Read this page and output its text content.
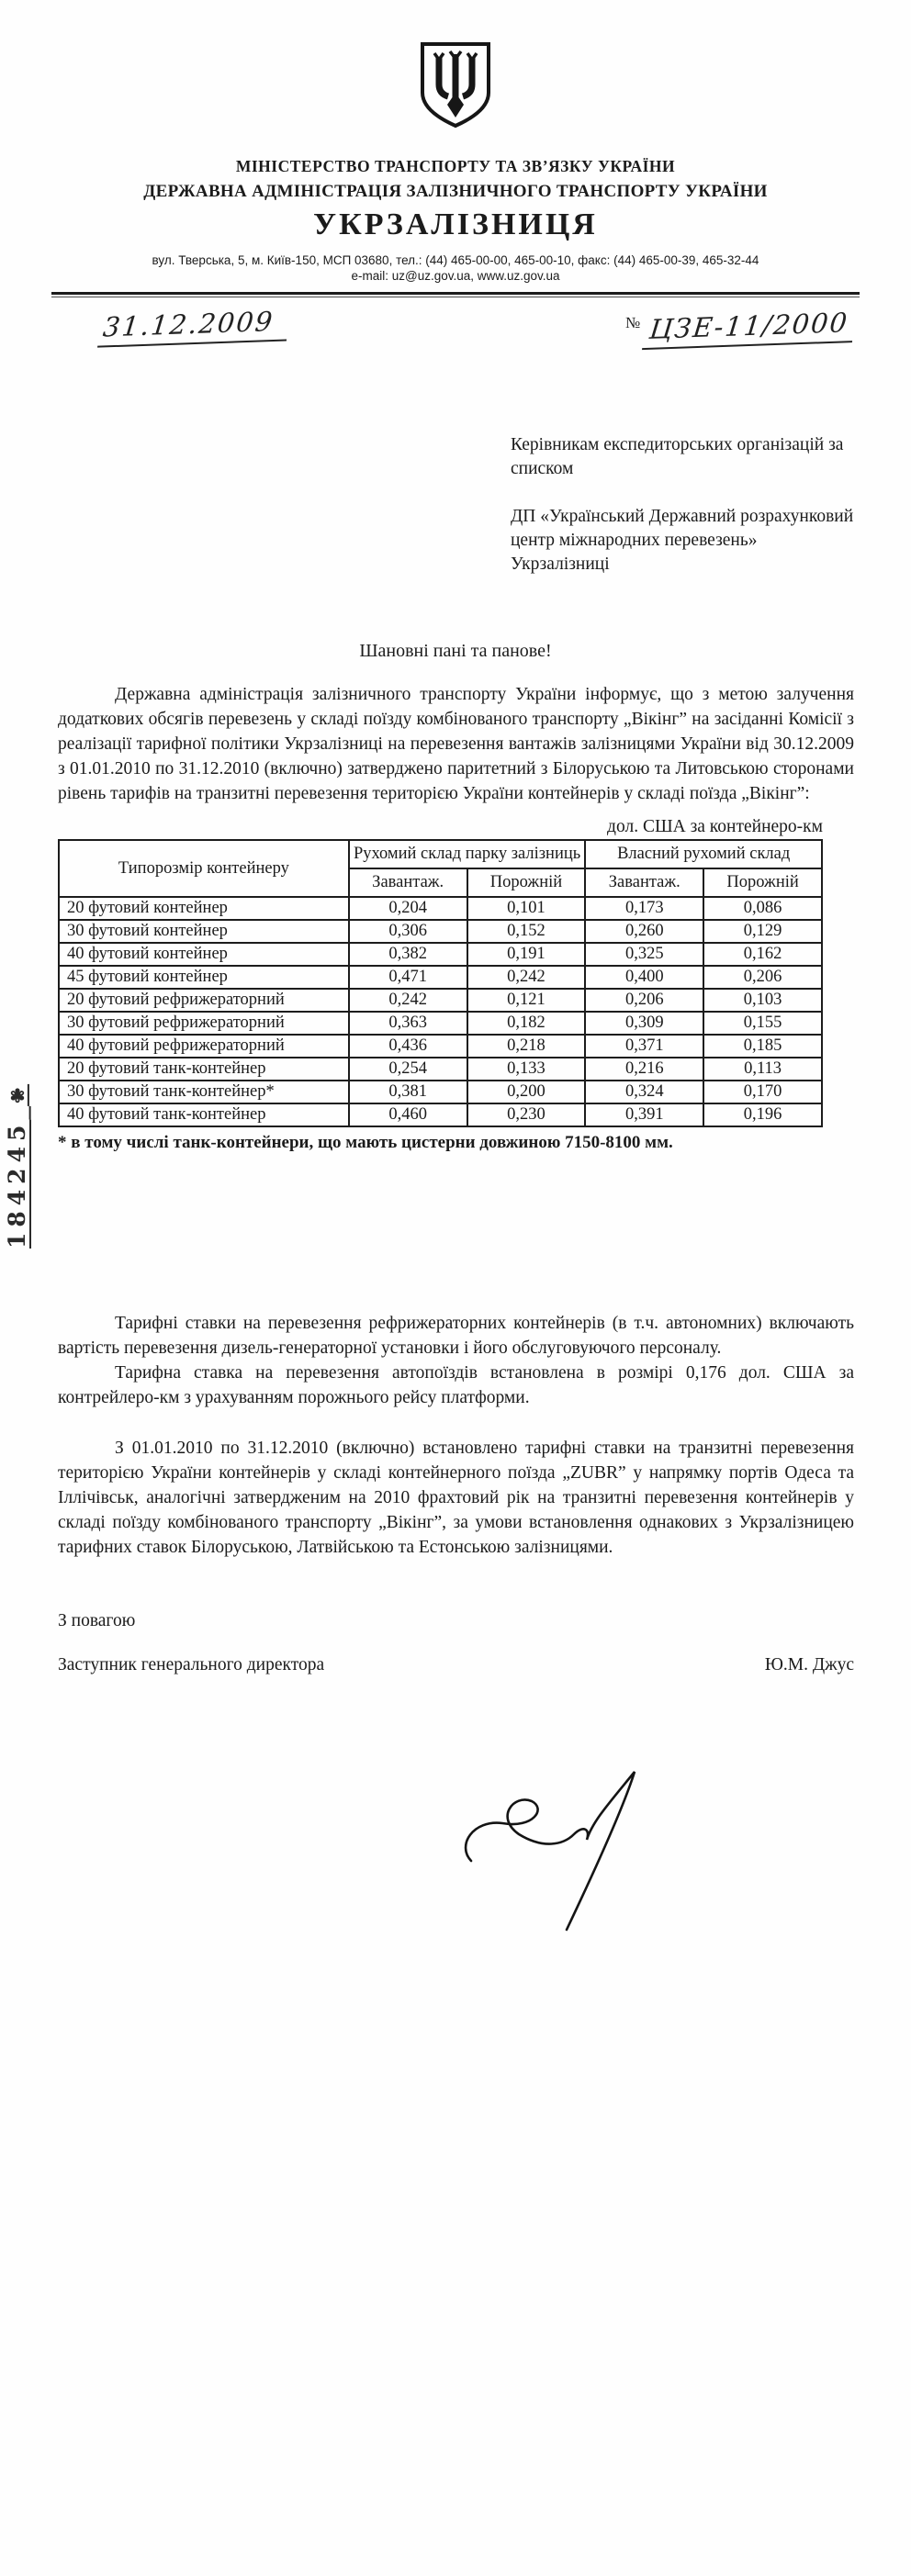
МІНІСТЕРСТВО ТРАНСПОРТУ ТА ЗВ’ЯЗКУ УКРАЇНИ
ДЕРЖАВНА АДМІНІСТРАЦІЯ ЗАЛІЗНИЧНОГО ТРАНСПОРТУ УКРАЇНИ
УКРЗАЛІЗНИЦЯ
вул. Тверська, 5, м. Київ-150, МСП 03680, тел.: (44) 465-00-00, 465-00-10, факс: (44) 465-00-39, 465-32-44
e-mail: uz@uz.gov.ua, www.uz.gov.ua
31.12.2009	№ ЦЗЕ-11/2000

Керівникам експедиторських організацій за списком

ДП «Український Державний розрахунковий центр міжнародних перевезень» Укрзалізниці

Шановні пані та панове!

Державна адміністрація залізничного транспорту України інформує, що з метою залучення додаткових обсягів перевезень у складі поїзду комбінованого транспорту „Вікінг” на засіданні Комісії з реалізації тарифної політики Укрзалізниці на перевезення вантажів залізницями України від 30.12.2009 з 01.01.2010 по 31.12.2010 (включно) затверджено паритетний з Білоруською та Литовською сторонами рівень тарифів на транзитні перевезення територією України контейнерів у складі поїзда „Вікінг”:

дол. США за контейнеро-км
Типорозмір контейнеру	Рухомий склад парку залізниць		Власний рухомий склад	
	Завантаж.	Порожній	Завантаж.	Порожній
20 футовий контейнер	0,204	0,101	0,173	0,086
30 футовий контейнер	0,306	0,152	0,260	0,129
40 футовий контейнер	0,382	0,191	0,325	0,162
45 футовий контейнер	0,471	0,242	0,400	0,206
20 футовий рефрижераторний	0,242	0,121	0,206	0,103
30 футовий рефрижераторний	0,363	0,182	0,309	0,155
40 футовий рефрижераторний	0,436	0,218	0,371	0,185
20 футовий танк-контейнер	0,254	0,133	0,216	0,113
30 футовий танк-контейнер*	0,381	0,200	0,324	0,170
40 футовий танк-контейнер	0,460	0,230	0,391	0,196
* в тому числі танк-контейнери, що мають цистерни довжиною 7150-8100 мм.

Тарифні ставки на перевезення рефрижераторних контейнерів (в т.ч. автономних) включають вартість перевезення дизель-генераторної установки і його обслуговуючого персоналу.

Тарифна ставка на перевезення автопоїздів встановлена в розмірі 0,176 дол. США за контрейлеро-км з урахуванням порожнього рейсу платформи.

З 01.01.2010 по 31.12.2010 (включно) встановлено тарифні ставки на транзитні перевезення територією України контейнерів у складі контейнерного поїзда „ZUBR” у напрямку портів Одеса та Іллічівськ, аналогічні затвердженим на 2010 фрахтовий рік на транзитні перевезення контейнерів у складі поїзду комбінованого транспорту „Вікінг”, за умови встановлення однакових з Укрзалізницею тарифних ставок Білоруською, Латвійською та Естонською залізницями.

З повагою
Заступник генерального директора	Ю.М. Джус
184245 ✾
